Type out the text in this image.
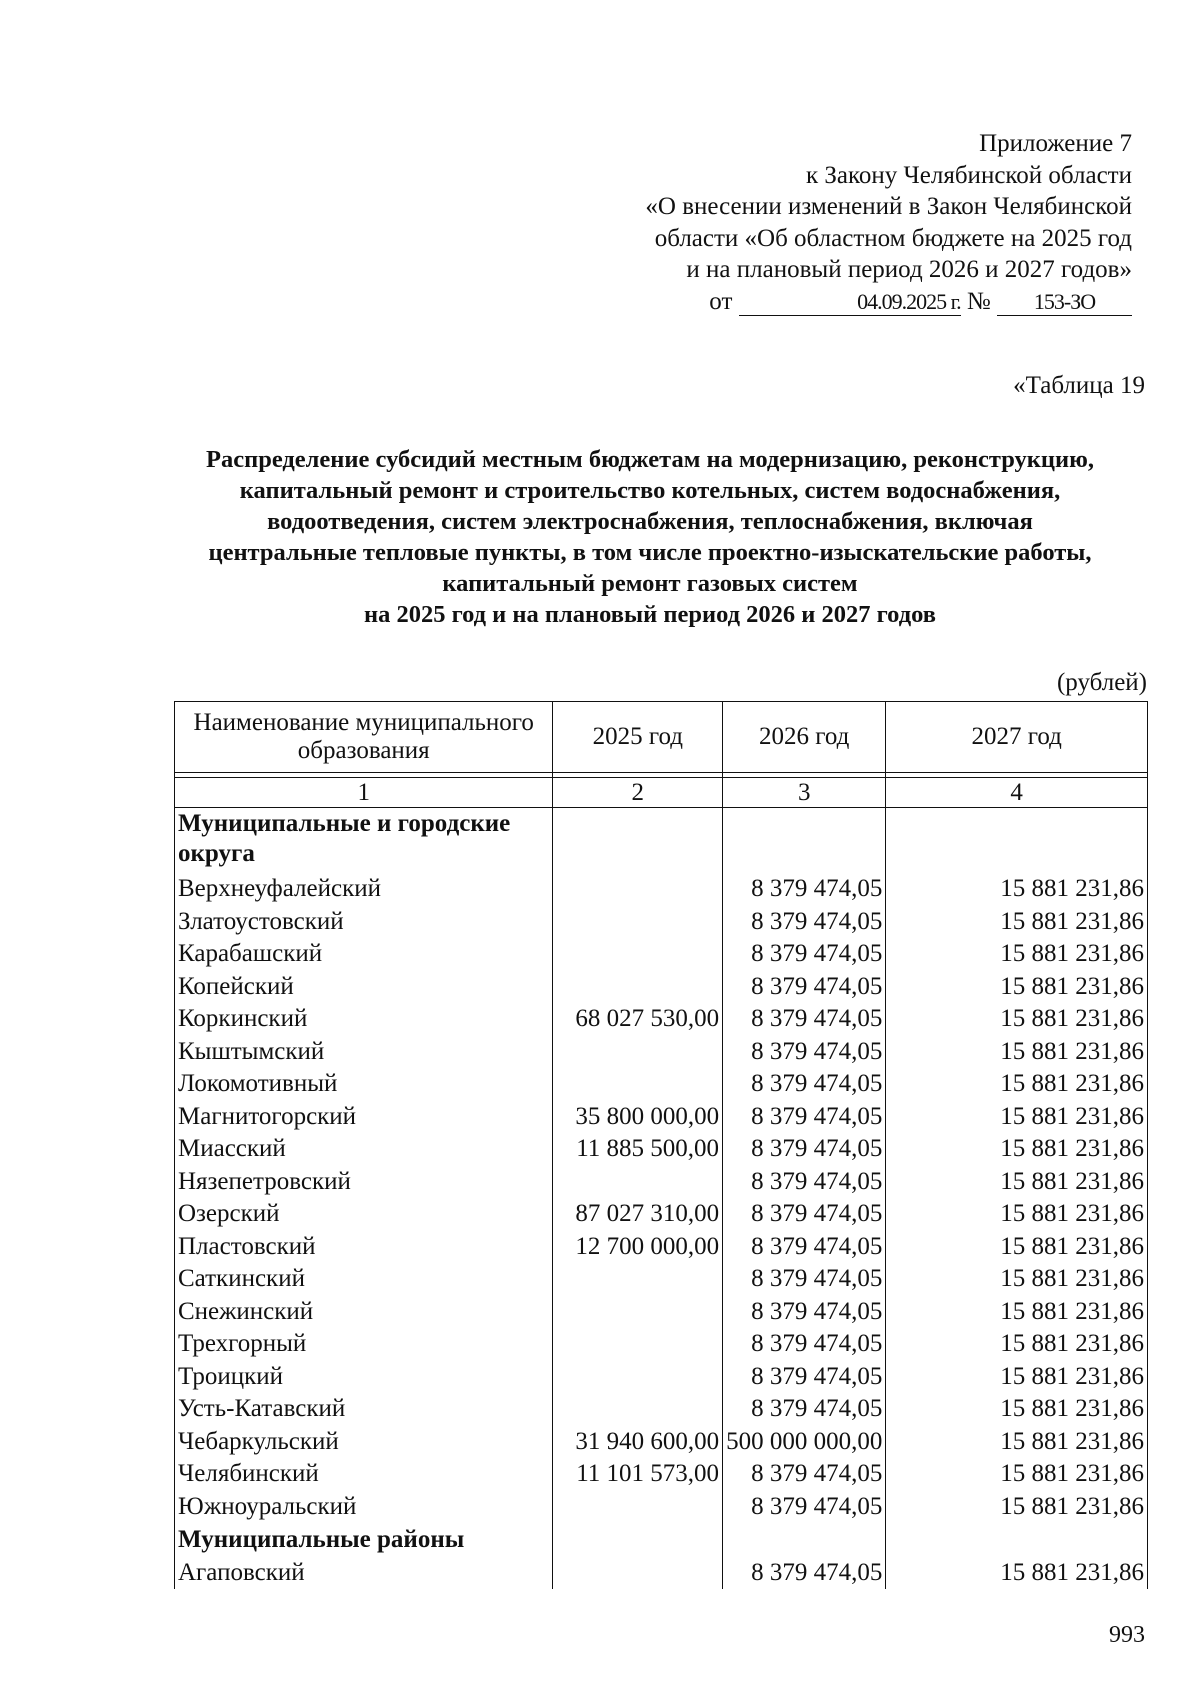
Приложение 7
к Закону Челябинской области
«О внесении изменений в Закон Челябинской
области «Об областном бюджете на 2025 год
и на плановый период 2026 и 2027 годов»
от	04.09.2025 г. № 153-ЗО
«Таблица 19
Распределение субсидий местным бюджетам на модернизацию, реконструкцию,
капитальный ремонт и строительство котельных, систем водоснабжения,
водоотведения, систем электроснабжения, теплоснабжения, включая
центральные тепловые пункты, в том числе проектно-изыскательские работы,
капитальный ремонт газовых систем
на 2025 год и на плановый период 2026 и 2027 годов
(рублей)
Наименование муниципального
образования	2025 год	2026 год	2027 год

1	2	3	4
Муниципальные и городские округа			
Верхнеуфалейский		8 379 474,05	15 881 231,86
Златоустовский		8 379 474,05	15 881 231,86
Карабашский		8 379 474,05	15 881 231,86
Копейский		8 379 474,05	15 881 231,86
Коркинский	68 027 530,00	8 379 474,05	15 881 231,86
Кыштымский		8 379 474,05	15 881 231,86
Локомотивный		8 379 474,05	15 881 231,86
Магнитогорский	35 800 000,00	8 379 474,05	15 881 231,86
Миасский	11 885 500,00	8 379 474,05	15 881 231,86
Нязепетровский		8 379 474,05	15 881 231,86
Озерский	87 027 310,00	8 379 474,05	15 881 231,86
Пластовский	12 700 000,00	8 379 474,05	15 881 231,86
Саткинский		8 379 474,05	15 881 231,86
Снежинский		8 379 474,05	15 881 231,86
Трехгорный		8 379 474,05	15 881 231,86
Троицкий		8 379 474,05	15 881 231,86
Усть-Катавский		8 379 474,05	15 881 231,86
Чебаркульский	31 940 600,00	500 000 000,00	15 881 231,86
Челябинский	11 101 573,00	8 379 474,05	15 881 231,86
Южноуральский		8 379 474,05	15 881 231,86
Муниципальные районы			
Агаповский		8 379 474,05	15 881 231,86
993
